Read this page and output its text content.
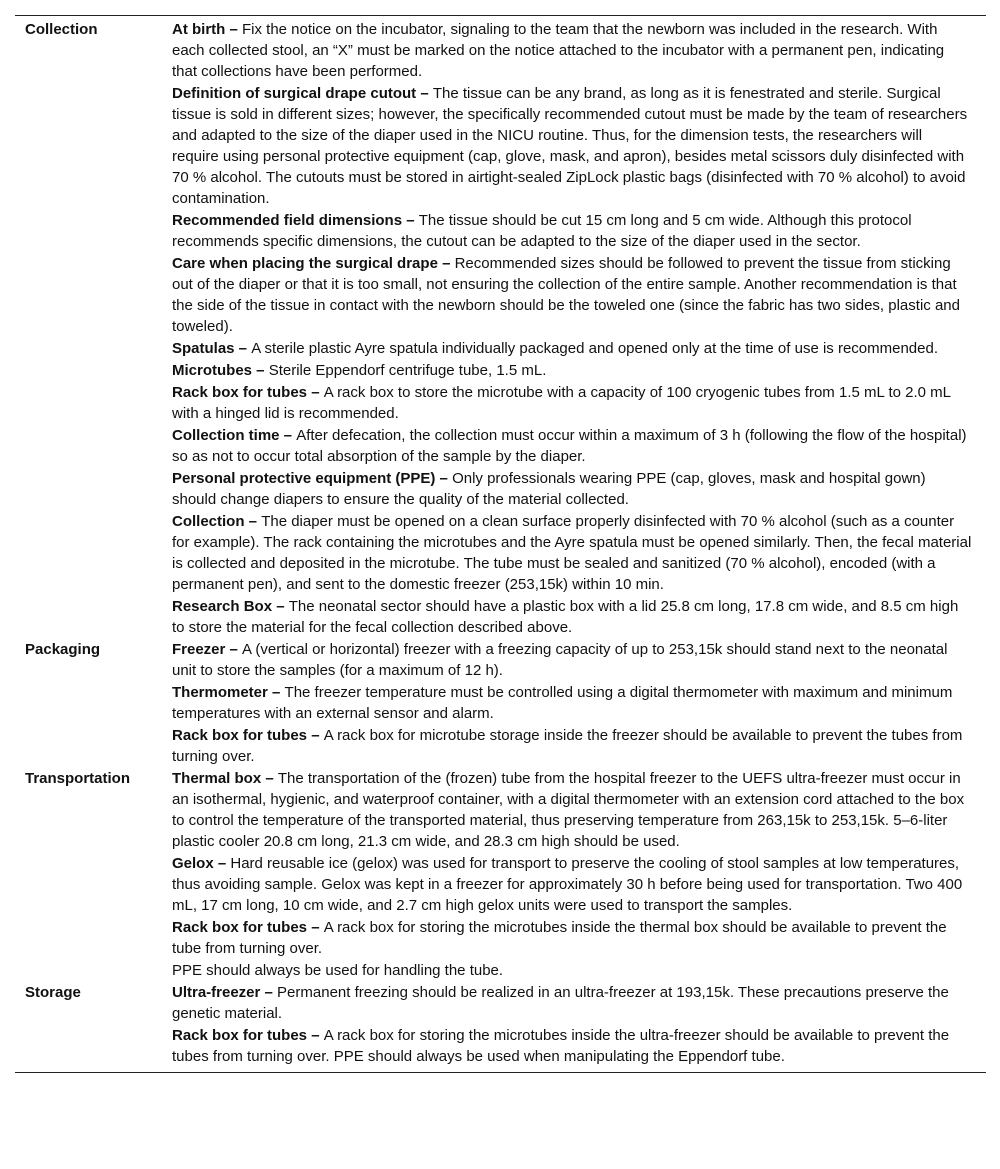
Collection	At birth – Fix the notice on the incubator, signaling to the team that the newborn was included in the research. With each collected stool, an “X” must be marked on the notice attached to the incubator with a permanent pen, indicating that collections have been performed.
Definition of surgical drape cutout – The tissue can be any brand, as long as it is fenestrated and sterile. Surgical tissue is sold in different sizes; however, the specifically recommended cutout must be made by the team of researchers and adapted to the size of the diaper used in the NICU routine. Thus, for the dimension tests, the researchers will require using personal protective equipment (cap, glove, mask, and apron), besides metal scissors duly disinfected with 70 % alcohol. The cutouts must be stored in airtight-sealed ZipLock plastic bags (disinfected with 70 % alcohol) to avoid contamination.
Recommended field dimensions – The tissue should be cut 15 cm long and 5 cm wide. Although this protocol recommends specific dimensions, the cutout can be adapted to the size of the diaper used in the sector.
Care when placing the surgical drape – Recommended sizes should be followed to prevent the tissue from sticking out of the diaper or that it is too small, not ensuring the collection of the entire sample. Another recommendation is that the side of the tissue in contact with the newborn should be the toweled one (since the fabric has two sides, plastic and toweled).
Spatulas – A sterile plastic Ayre spatula individually packaged and opened only at the time of use is recommended.
Microtubes – Sterile Eppendorf centrifuge tube, 1.5 mL.
Rack box for tubes – A rack box to store the microtube with a capacity of 100 cryogenic tubes from 1.5 mL to 2.0 mL with a hinged lid is recommended.
Collection time – After defecation, the collection must occur within a maximum of 3 h (following the flow of the hospital) so as not to occur total absorption of the sample by the diaper.
Personal protective equipment (PPE) – Only professionals wearing PPE (cap, gloves, mask and hospital gown) should change diapers to ensure the quality of the material collected.
Collection – The diaper must be opened on a clean surface properly disinfected with 70 % alcohol (such as a counter for example). The rack containing the microtubes and the Ayre spatula must be opened similarly. Then, the fecal material is collected and deposited in the microtube. The tube must be sealed and sanitized (70 % alcohol), encoded (with a permanent pen), and sent to the domestic freezer (253,15k) within 10 min.
Research Box – The neonatal sector should have a plastic box with a lid 25.8 cm long, 17.8 cm wide, and 8.5 cm high to store the material for the fecal collection described above.
Packaging	Freezer – A (vertical or horizontal) freezer with a freezing capacity of up to 253,15k should stand next to the neonatal unit to store the samples (for a maximum of 12 h).
Thermometer – The freezer temperature must be controlled using a digital thermometer with maximum and minimum temperatures with an external sensor and alarm.
Rack box for tubes – A rack box for microtube storage inside the freezer should be available to prevent the tubes from turning over.
Transportation	Thermal box – The transportation of the (frozen) tube from the hospital freezer to the UEFS ultra-freezer must occur in an isothermal, hygienic, and waterproof container, with a digital thermometer with an extension cord attached to the box to control the temperature of the transported material, thus preserving temperature from 263,15k to 253,15k. 5–6-liter plastic cooler 20.8 cm long, 21.3 cm wide, and 28.3 cm high should be used.
Gelox – Hard reusable ice (gelox) was used for transport to preserve the cooling of stool samples at low temperatures, thus avoiding sample. Gelox was kept in a freezer for approximately 30 h before being used for transportation. Two 400 mL, 17 cm long, 10 cm wide, and 2.7 cm high gelox units were used to transport the samples.
Rack box for tubes – A rack box for storing the microtubes inside the thermal box should be available to prevent the tube from turning over.
PPE should always be used for handling the tube.
Storage	Ultra-freezer – Permanent freezing should be realized in an ultra-freezer at 193,15k. These precautions preserve the genetic material.
Rack box for tubes – A rack box for storing the microtubes inside the ultra-freezer should be available to prevent the tubes from turning over. PPE should always be used when manipulating the Eppendorf tube.
